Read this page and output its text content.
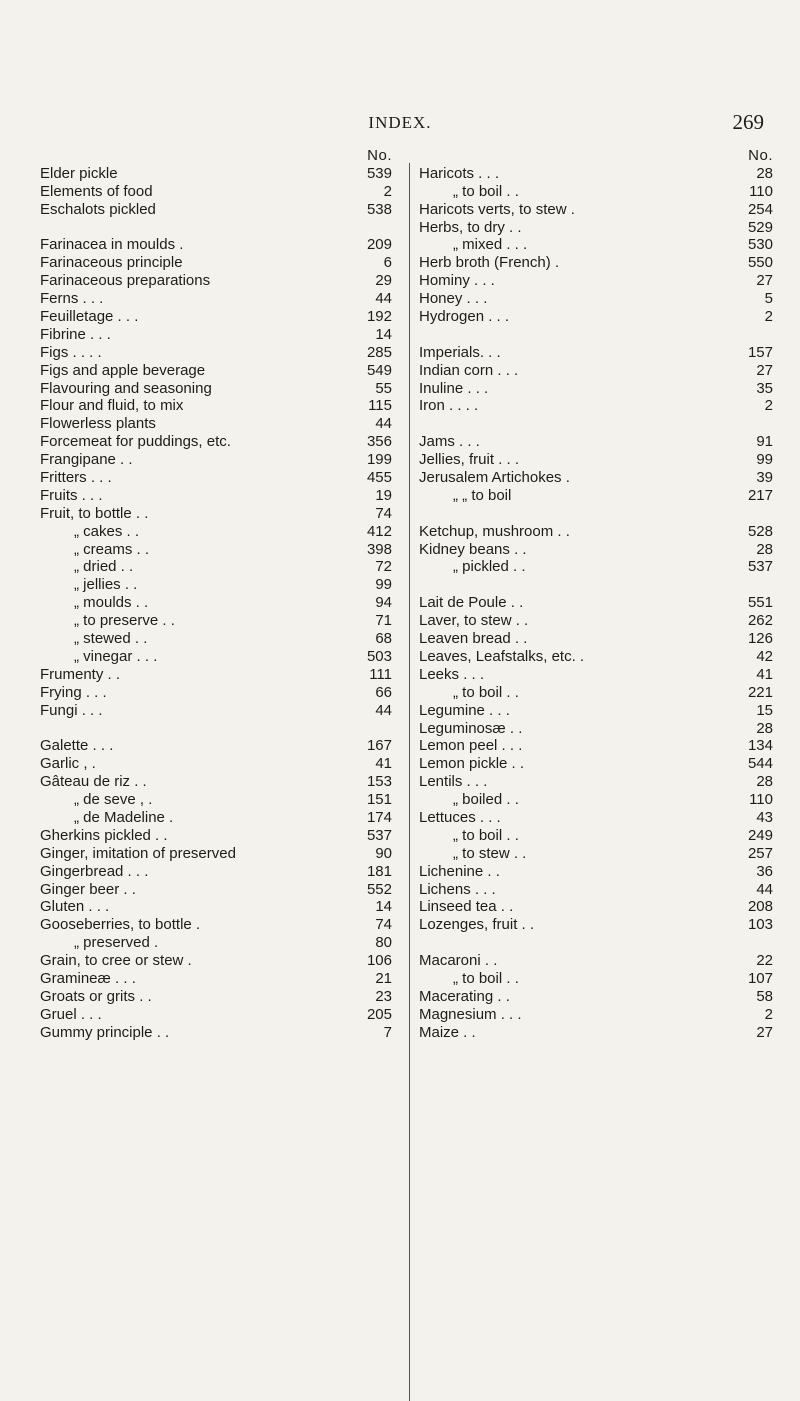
INDEX.	269
No.
Elder pickle	539
Elements of food	2
Eschalots pickled	538
Farinacea in moulds .	209
Farinaceous principle	6
Farinaceous preparations	29
Ferns . . .	44
Feuilletage . . .	192
Fibrine . . .	14
Figs . . . .	285
Figs and apple beverage	549
Flavouring and seasoning	55
Flour and fluid, to mix	115
Flowerless plants	44
Forcemeat for puddings, etc.	356
Frangipane . .	199
Fritters . . .	455
Fruits . . .	19
Fruit, to bottle . .	74
„ cakes . .	412
„ creams . .	398
„ dried . .	72
„ jellies . .	99
„ moulds . .	94
„ to preserve . .	71
„ stewed . .	68
„ vinegar . . .	503
Frumenty . .	111
Frying . . .	66
Fungi . . .	44
Galette . . .	167
Garlic , .	41
Gâteau de riz . .	153
„ de seve , .	151
„ de Madeline .	174
Gherkins pickled . .	537
Ginger, imitation of preserved	90
Gingerbread . . .	181
Ginger beer . .	552
Gluten . . .	14
Gooseberries, to bottle .	74
„ preserved .	80
Grain, to cree or stew .	106
Gramineæ . . .	21
Groats or grits . .	23
Gruel . . .	205
Gummy principle . .	7
No.
Haricots . . .	28
„ to boil . .	110
Haricots verts, to stew .	254
Herbs, to dry . .	529
„ mixed . . .	530
Herb broth (French) .	550
Hominy . . .	27
Honey . . .	5
Hydrogen . . .	2
Imperials. . .	157
Indian corn . . .	27
Inuline . . .	35
Iron . . . .	2
Jams . . .	91
Jellies, fruit . . .	99
Jerusalem Artichokes .	39
„ „ to boil	217
Ketchup, mushroom . .	528
Kidney beans . .	28
„ pickled . .	537
Lait de Poule . .	551
Laver, to stew . .	262
Leaven bread . .	126
Leaves, Leafstalks, etc. .	42
Leeks . . .	41
„ to boil . .	221
Legumine . . .	15
Leguminosæ . .	28
Lemon peel . . .	134
Lemon pickle . .	544
Lentils . . .	28
„ boiled . .	110
Lettuces . . .	43
„ to boil . .	249
„ to stew . .	257
Lichenine . .	36
Lichens . . .	44
Linseed tea . .	208
Lozenges, fruit . .	103
Macaroni . .	22
„ to boil . .	107
Macerating . .	58
Magnesium . . .	2
Maize . .	27
